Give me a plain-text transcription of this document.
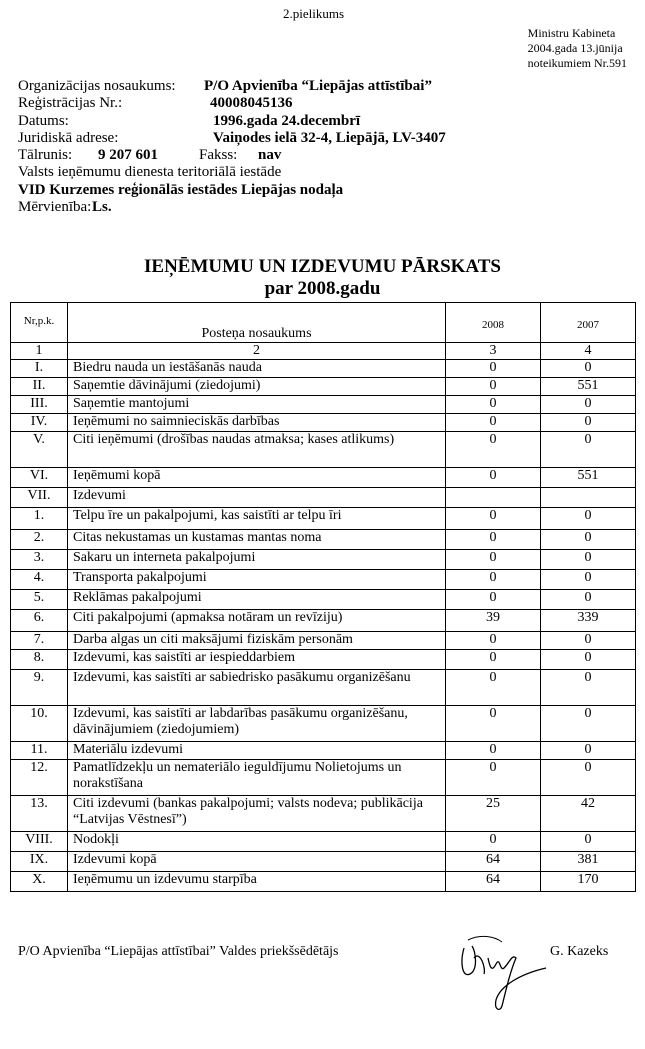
2.pielikums
Ministru Kabineta
2004.gada 13.jūnija
noteikumiem Nr.591
Organizācijas nosaukums: P/O Apvienība “Liepājas attīstībai”
Reģistrācijas Nr.:	40008045136
Datums:	1996.gada 24.decembrī
Juridiskā adrese:	Vaiņodes ielā 32-4, Liepājā, LV-3407
Tālrunis: 9 207 601	Fakss: nav
Valsts ieņēmumu dienesta teritoriālā iestāde
VID Kurzemes reģionālās iestādes Liepājas nodaļa
Mērvienība: Ls.
IEŅĒMUMU UN IZDEVUMU PĀRSKATS
par 2008.gadu
Nr,p.k.	Posteņa nosaukums	2008	2007
1	2	3	4
I.	Biedru nauda un iestāšanās nauda	0	0
II.	Saņemtie dāvinājumi (ziedojumi)	0	551
III.	Saņemtie mantojumi	0	0
IV.	Ieņēmumi no saimnieciskās darbības	0	0
V.	Citi ieņēmumi (drošības naudas atmaksa; kases atlikums)	0	0
VI.	Ieņēmumi kopā	0	551
VII.	Izdevumi		
1.	Telpu īre un pakalpojumi, kas saistīti ar telpu īri	0	0
2.	Citas nekustamas un kustamas mantas noma	0	0
3.	Sakaru un interneta pakalpojumi	0	0
4.	Transporta pakalpojumi	0	0
5.	Reklāmas pakalpojumi	0	0
6.	Citi pakalpojumi (apmaksa notāram un revīziju)	39	339
7.	Darba algas un citi maksājumi fiziskām personām	0	0
8.	Izdevumi, kas saistīti ar iespieddarbiem	0	0
9.	Izdevumi, kas saistīti ar sabiedrisko pasākumu organizēšanu	0	0
10.	Izdevumi, kas saistīti ar labdarības pasākumu organizēšanu, dāvinājumiem (ziedojumiem)	0	0
11.	Materiālu izdevumi	0	0
12.	Pamatlīdzekļu un nemateriālo ieguldījumu Nolietojums un norakstīšana	0	0
13.	Citi izdevumi (bankas pakalpojumi; valsts nodeva; publikācija “Latvijas Vēstnesī”)	25	42
VIII.	Nodokļi	0	0
IX.	Izdevumi kopā	64	381
X.	Ieņēmumu un izdevumu starpība	64	170
P/O Apvienība “Liepājas attīstībai” Valdes priekšsēdētājs	G. Kazeks
